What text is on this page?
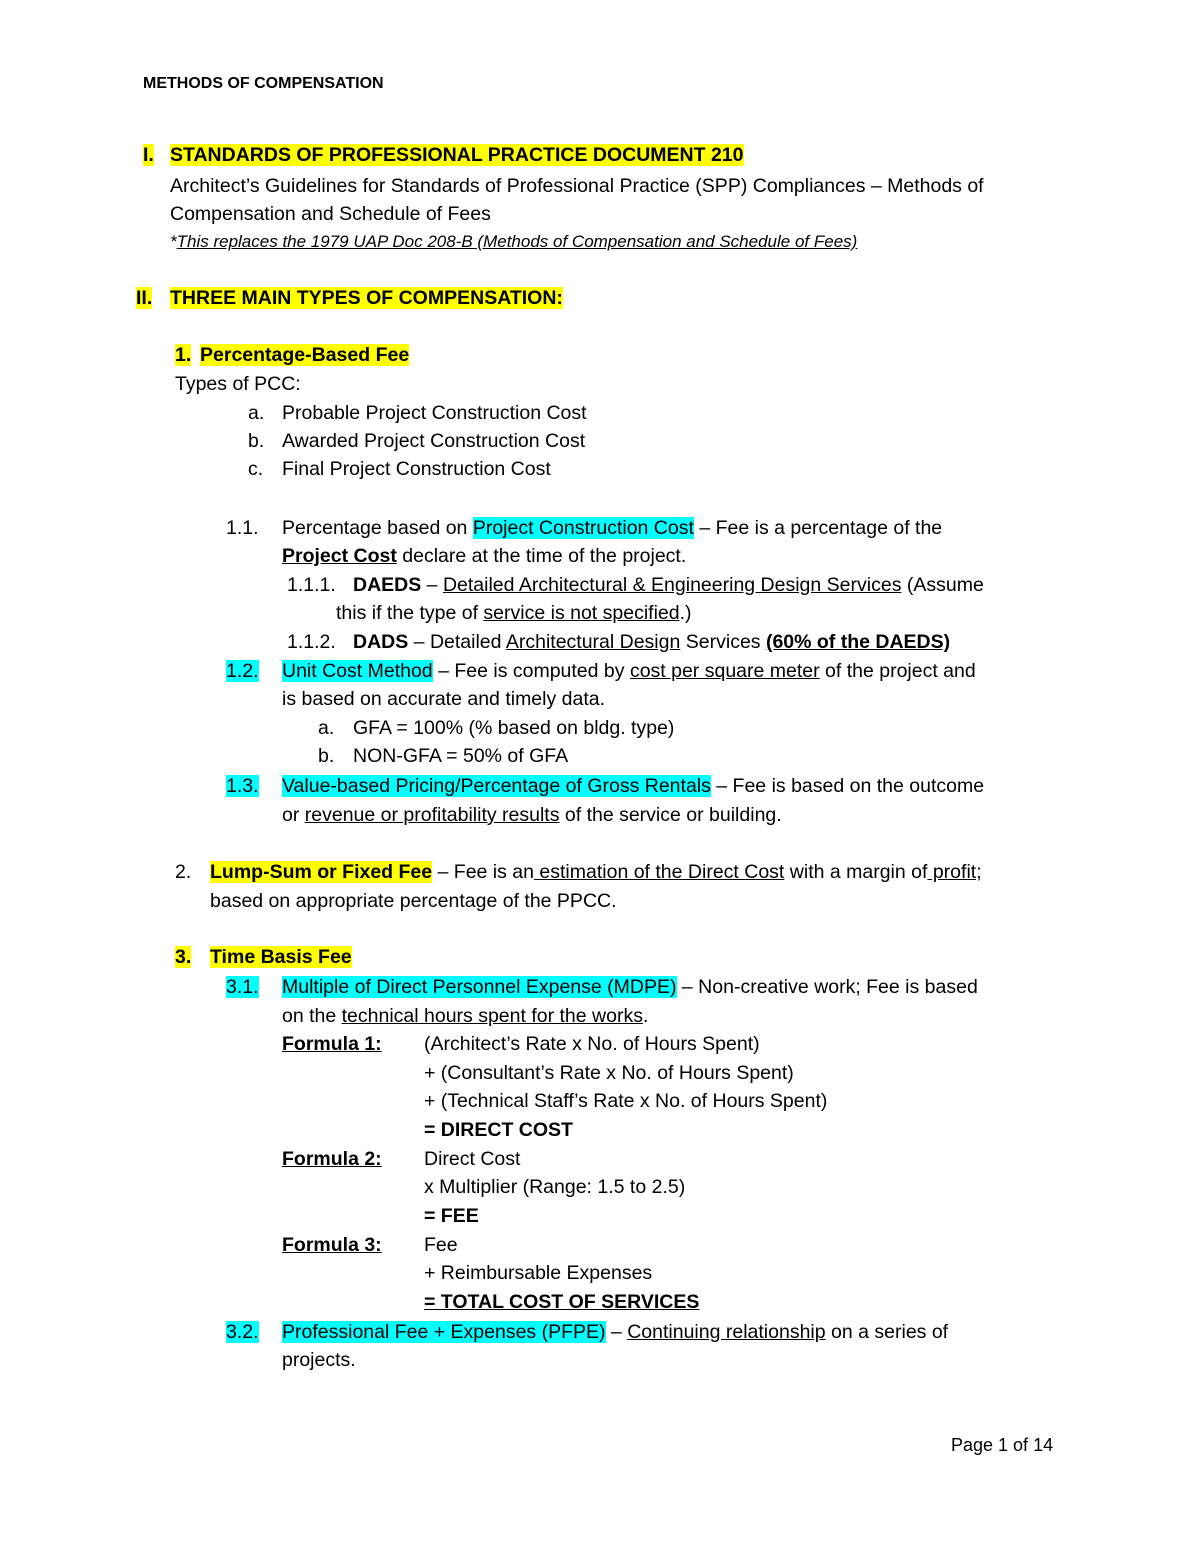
METHODS OF COMPENSATION
I. STANDARDS OF PROFESSIONAL PRACTICE DOCUMENT 210
Architect’s Guidelines for Standards of Professional Practice (SPP) Compliances – Methods of
Compensation and Schedule of Fees
*This replaces the 1979 UAP Doc 208-B (Methods of Compensation and Schedule of Fees)
II. THREE MAIN TYPES OF COMPENSATION:
1. Percentage-Based Fee
Types of PCC:
a. Probable Project Construction Cost
b. Awarded Project Construction Cost
c. Final Project Construction Cost
1.1. Percentage based on Project Construction Cost – Fee is a percentage of the
Project Cost declare at the time of the project.
1.1.1. DAEDS – Detailed Architectural & Engineering Design Services (Assume
this if the type of service is not specified.)
1.1.2. DADS – Detailed Architectural Design Services (60% of the DAEDS)
1.2. Unit Cost Method – Fee is computed by cost per square meter of the project and
is based on accurate and timely data.
a. GFA = 100% (% based on bldg. type)
b. NON-GFA = 50% of GFA
1.3. Value-based Pricing/Percentage of Gross Rentals – Fee is based on the outcome
or revenue or profitability results of the service or building.
2. Lump-Sum or Fixed Fee – Fee is an estimation of the Direct Cost with a margin of profit;
based on appropriate percentage of the PPCC.
3. Time Basis Fee
3.1. Multiple of Direct Personnel Expense (MDPE) – Non-creative work; Fee is based
on the technical hours spent for the works.
Formula 1: (Architect’s Rate x No. of Hours Spent)
+ (Consultant’s Rate x No. of Hours Spent)
+ (Technical Staff’s Rate x No. of Hours Spent)
= DIRECT COST
Formula 2: Direct Cost
x Multiplier (Range: 1.5 to 2.5)
= FEE
Formula 3: Fee
+ Reimbursable Expenses
= TOTAL COST OF SERVICES
3.2. Professional Fee + Expenses (PFPE) – Continuing relationship on a series of
projects.
Page 1 of 14
